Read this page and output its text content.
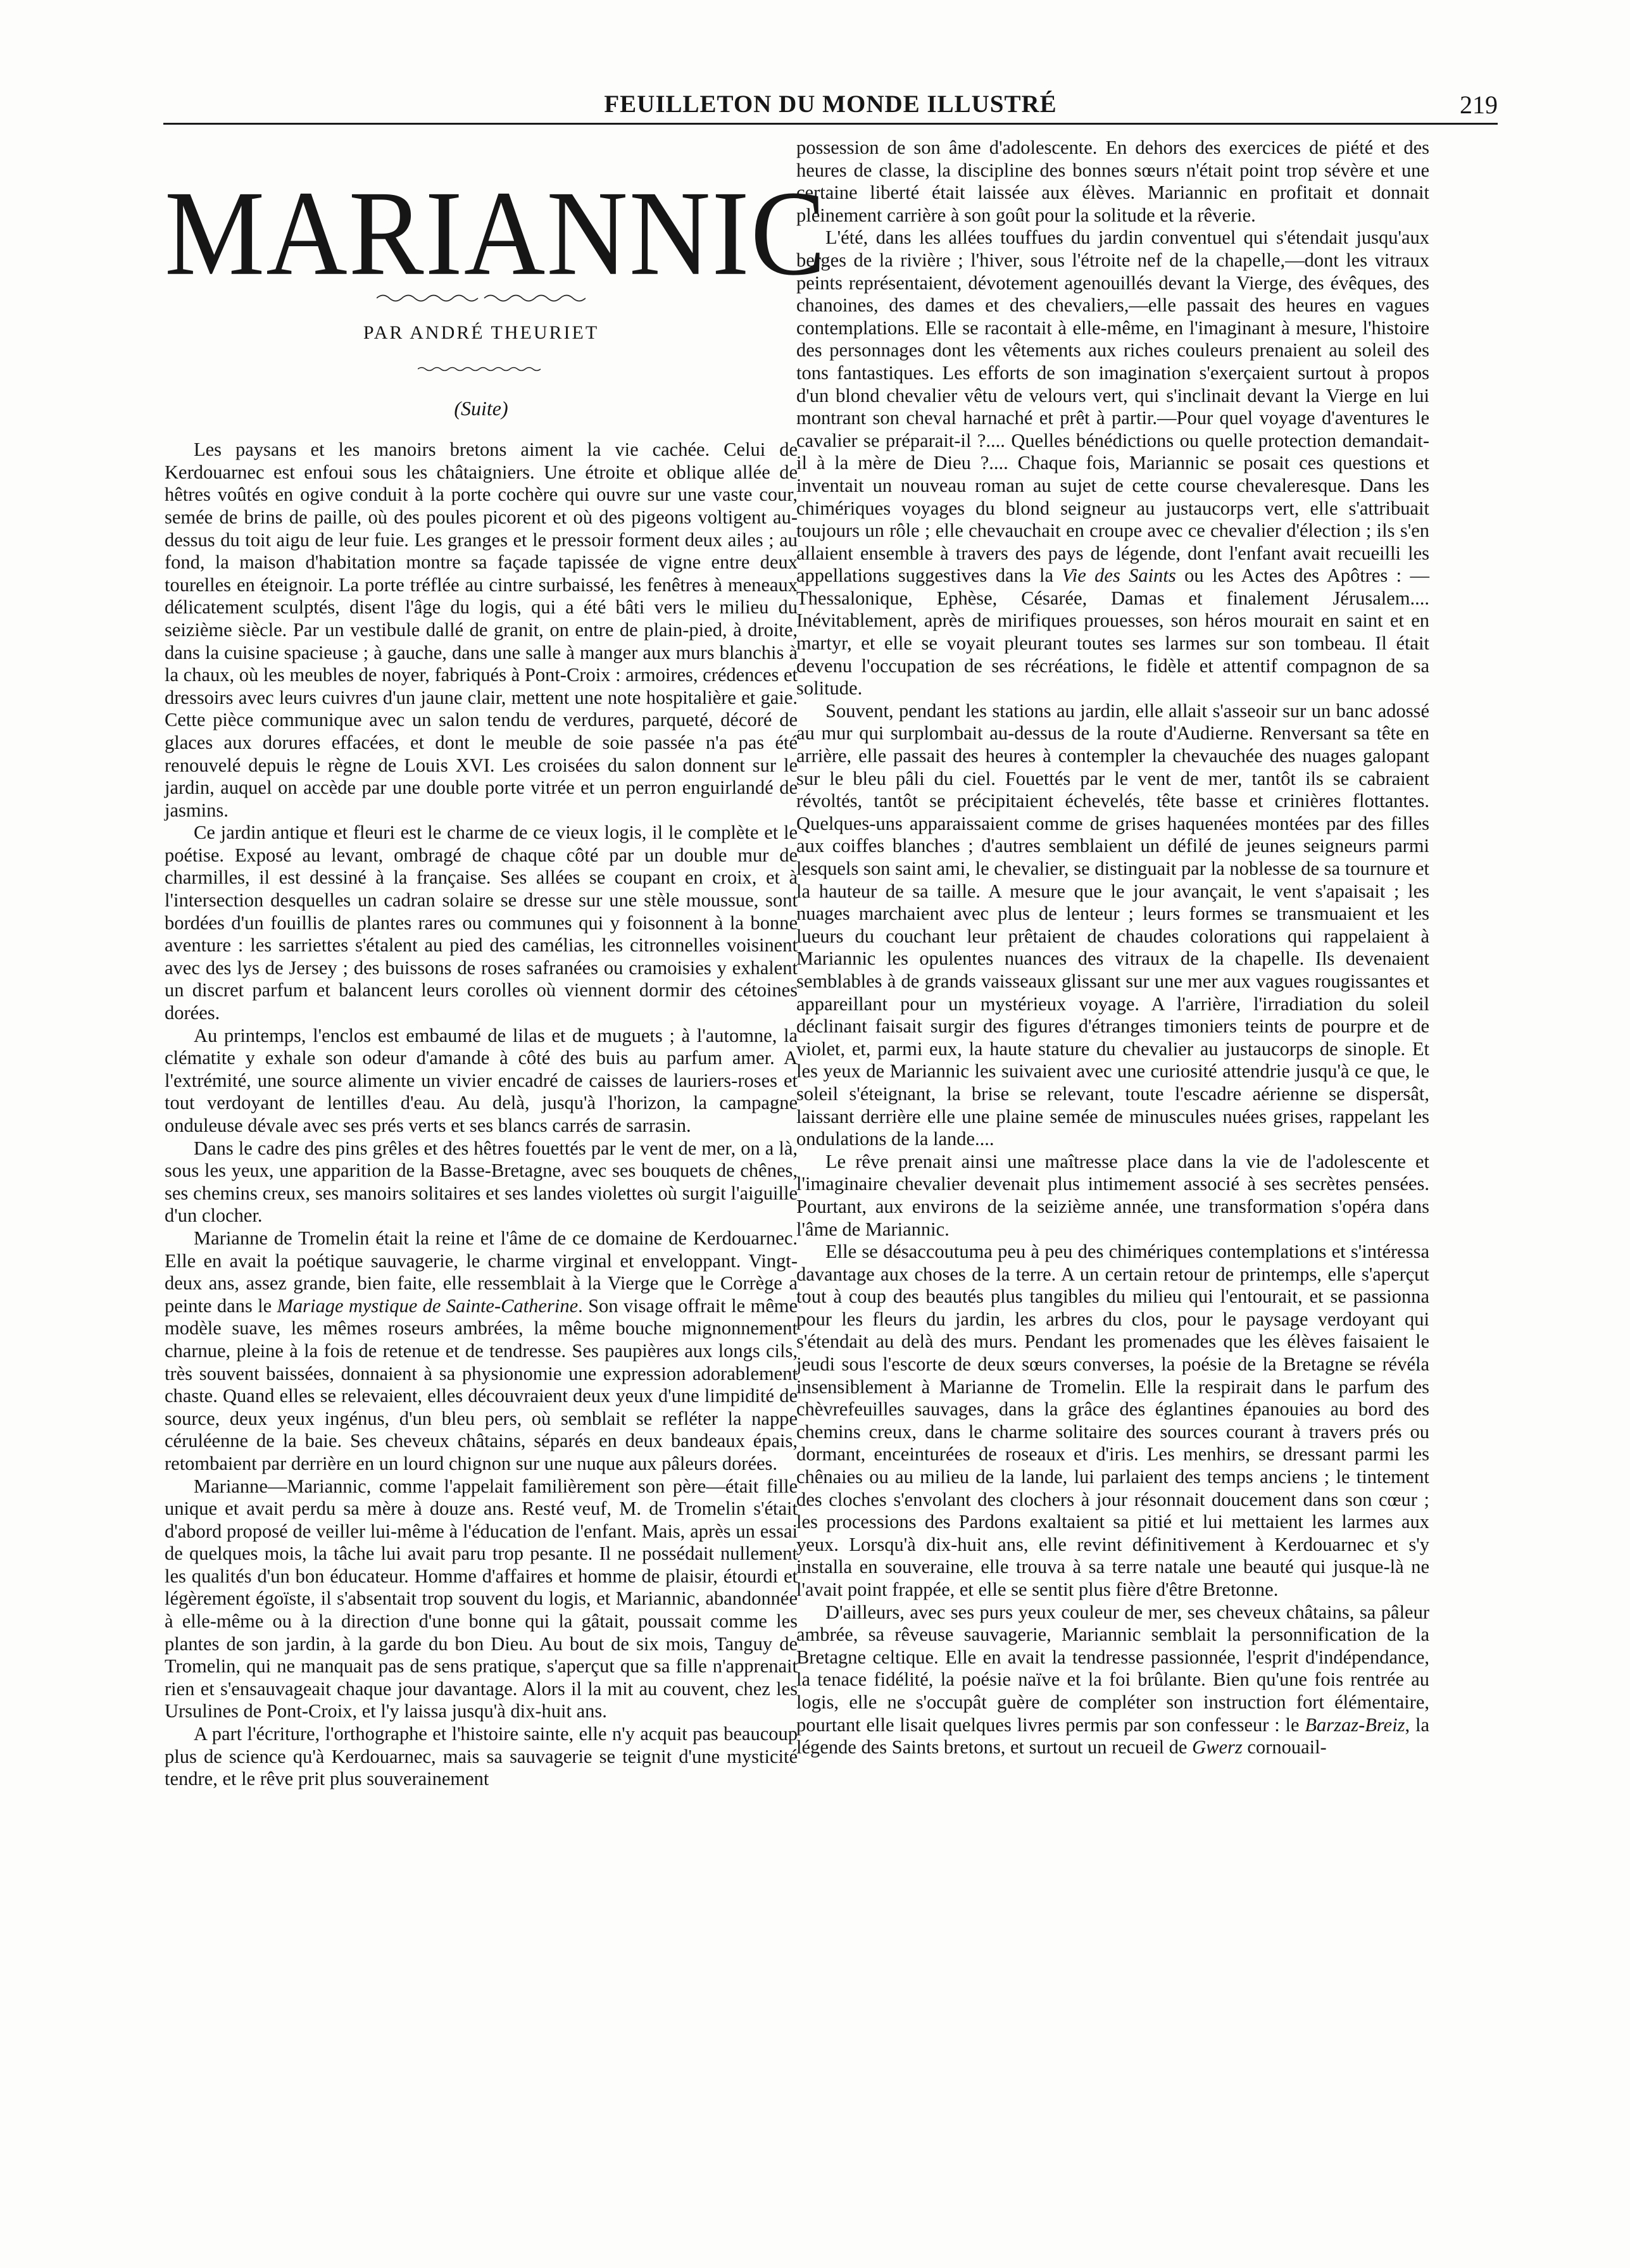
FEUILLETON DU MONDE ILLUSTRÉ	219
MARIANNIC
PAR ANDRÉ THEURIET
(Suite)

Les paysans et les manoirs bretons aiment la vie cachée. Celui de Kerdouarnec est enfoui sous les châtaigniers. Une étroite et oblique allée de hêtres voûtés en ogive conduit à la porte cochère qui ouvre sur une vaste cour, semée de brins de paille, où des poules picorent et où des pigeons voltigent au-dessus du toit aigu de leur fuie. Les granges et le pressoir forment deux ailes ; au fond, la maison d'habitation montre sa façade tapissée de vigne entre deux tourelles en éteignoir. La porte tréflée au cintre surbaissé, les fenêtres à meneaux délicatement sculptés, disent l'âge du logis, qui a été bâti vers le milieu du seizième siècle. Par un vestibule dallé de granit, on entre de plain-pied, à droite, dans la cuisine spacieuse ; à gauche, dans une salle à manger aux murs blanchis à la chaux, où les meubles de noyer, fabriqués à Pont-Croix : armoires, crédences et dressoirs avec leurs cuivres d'un jaune clair, mettent une note hospitalière et gaie. Cette pièce communique avec un salon tendu de verdures, parqueté, décoré de glaces aux dorures effacées, et dont le meuble de soie passée n'a pas été renouvelé depuis le règne de Louis XVI. Les croisées du salon donnent sur le jardin, auquel on accède par une double porte vitrée et un perron enguirlandé de jasmins.

Ce jardin antique et fleuri est le charme de ce vieux logis, il le complète et le poétise. Exposé au levant, ombragé de chaque côté par un double mur de charmilles, il est dessiné à la française. Ses allées se coupant en croix, et à l'intersection desquelles un cadran solaire se dresse sur une stèle moussue, sont bordées d'un fouillis de plantes rares ou communes qui y foisonnent à la bonne aventure : les sarriettes s'étalent au pied des camélias, les citronnelles voisinent avec des lys de Jersey ; des buissons de roses safranées ou cramoisies y exhalent un discret parfum et balancent leurs corolles où viennent dormir des cétoines dorées.

Au printemps, l'enclos est embaumé de lilas et de muguets ; à l'automne, la clématite y exhale son odeur d'amande à côté des buis au parfum amer. A l'extrémité, une source alimente un vivier encadré de caisses de lauriers-roses et tout verdoyant de lentilles d'eau. Au delà, jusqu'à l'horizon, la campagne onduleuse dévale avec ses prés verts et ses blancs carrés de sarrasin.

Dans le cadre des pins grêles et des hêtres fouettés par le vent de mer, on a là, sous les yeux, une apparition de la Basse-Bretagne, avec ses bouquets de chênes, ses chemins creux, ses manoirs solitaires et ses landes violettes où surgit l'aiguille d'un clocher.

Marianne de Tromelin était la reine et l'âme de ce domaine de Kerdouarnec. Elle en avait la poétique sauvagerie, le charme virginal et enveloppant. Vingt-deux ans, assez grande, bien faite, elle ressemblait à la Vierge que le Corrège a peinte dans le Mariage mystique de Sainte-Catherine. Son visage offrait le même modèle suave, les mêmes roseurs ambrées, la même bouche mignonnement charnue, pleine à la fois de retenue et de tendresse. Ses paupières aux longs cils, très souvent baissées, donnaient à sa physionomie une expression adorablement chaste. Quand elles se relevaient, elles découvraient deux yeux d'une limpidité de source, deux yeux ingénus, d'un bleu pers, où semblait se refléter la nappe céruléenne de la baie. Ses cheveux châtains, séparés en deux bandeaux épais, retombaient par derrière en un lourd chignon sur une nuque aux pâleurs dorées.

Marianne—Mariannic, comme l'appelait familièrement son père—était fille unique et avait perdu sa mère à douze ans. Resté veuf, M. de Tromelin s'était d'abord proposé de veiller lui-même à l'éducation de l'enfant. Mais, après un essai de quelques mois, la tâche lui avait paru trop pesante. Il ne possédait nullement les qualités d'un bon éducateur. Homme d'affaires et homme de plaisir, étourdi et légèrement égoïste, il s'absentait trop souvent du logis, et Mariannic, abandonnée à elle-même ou à la direction d'une bonne qui la gâtait, poussait comme les plantes de son jardin, à la garde du bon Dieu. Au bout de six mois, Tanguy de Tromelin, qui ne manquait pas de sens pratique, s'aperçut que sa fille n'apprenait rien et s'ensauvageait chaque jour davantage. Alors il la mit au couvent, chez les Ursulines de Pont-Croix, et l'y laissa jusqu'à dix-huit ans.

A part l'écriture, l'orthographe et l'histoire sainte, elle n'y acquit pas beaucoup plus de science qu'à Kerdouarnec, mais sa sauvagerie se teignit d'une mysticité tendre, et le rêve prit plus souverainement

possession de son âme d'adolescente. En dehors des exercices de piété et des heures de classe, la discipline des bonnes sœurs n'était point trop sévère et une certaine liberté était laissée aux élèves. Mariannic en profitait et donnait pleinement carrière à son goût pour la solitude et la rêverie.

L'été, dans les allées touffues du jardin conventuel qui s'étendait jusqu'aux berges de la rivière ; l'hiver, sous l'étroite nef de la chapelle,—dont les vitraux peints représentaient, dévotement agenouillés devant la Vierge, des évêques, des chanoines, des dames et des chevaliers,—elle passait des heures en vagues contemplations. Elle se racontait à elle-même, en l'imaginant à mesure, l'histoire des personnages dont les vêtements aux riches couleurs prenaient au soleil des tons fantastiques. Les efforts de son imagination s'exerçaient surtout à propos d'un blond chevalier vêtu de velours vert, qui s'inclinait devant la Vierge en lui montrant son cheval harnaché et prêt à partir.—Pour quel voyage d'aventures le cavalier se préparait-il ?.... Quelles bénédictions ou quelle protection demandait-il à la mère de Dieu ?.... Chaque fois, Mariannic se posait ces questions et inventait un nouveau roman au sujet de cette course chevaleresque. Dans les chimériques voyages du blond seigneur au justaucorps vert, elle s'attribuait toujours un rôle ; elle chevauchait en croupe avec ce chevalier d'élection ; ils s'en allaient ensemble à travers des pays de légende, dont l'enfant avait recueilli les appellations suggestives dans la Vie des Saints ou les Actes des Apôtres : — Thessalonique, Ephèse, Césarée, Damas et finalement Jérusalem.... Inévitablement, après de mirifiques prouesses, son héros mourait en saint et en martyr, et elle se voyait pleurant toutes ses larmes sur son tombeau. Il était devenu l'occupation de ses récréations, le fidèle et attentif compagnon de sa solitude.

Souvent, pendant les stations au jardin, elle allait s'asseoir sur un banc adossé au mur qui surplombait au-dessus de la route d'Audierne. Renversant sa tête en arrière, elle passait des heures à contempler la chevauchée des nuages galopant sur le bleu pâli du ciel. Fouettés par le vent de mer, tantôt ils se cabraient révoltés, tantôt se précipitaient échevelés, tête basse et crinières flottantes. Quelques-uns apparaissaient comme de grises haquenées montées par des filles aux coiffes blanches ; d'autres semblaient un défilé de jeunes seigneurs parmi lesquels son saint ami, le chevalier, se distinguait par la noblesse de sa tournure et la hauteur de sa taille. A mesure que le jour avançait, le vent s'apaisait ; les nuages marchaient avec plus de lenteur ; leurs formes se transmuaient et les lueurs du couchant leur prêtaient de chaudes colorations qui rappelaient à Mariannic les opulentes nuances des vitraux de la chapelle. Ils devenaient semblables à de grands vaisseaux glissant sur une mer aux vagues rougissantes et appareillant pour un mystérieux voyage. A l'arrière, l'irradiation du soleil déclinant faisait surgir des figures d'étranges timoniers teints de pourpre et de violet, et, parmi eux, la haute stature du chevalier au justaucorps de sinople. Et les yeux de Mariannic les suivaient avec une curiosité attendrie jusqu'à ce que, le soleil s'éteignant, la brise se relevant, toute l'escadre aérienne se dispersât, laissant derrière elle une plaine semée de minuscules nuées grises, rappelant les ondulations de la lande....

Le rêve prenait ainsi une maîtresse place dans la vie de l'adolescente et l'imaginaire chevalier devenait plus intimement associé à ses secrètes pensées. Pourtant, aux environs de la seizième année, une transformation s'opéra dans l'âme de Mariannic.

Elle se désaccoutuma peu à peu des chimériques contemplations et s'intéressa davantage aux choses de la terre. A un certain retour de printemps, elle s'aperçut tout à coup des beautés plus tangibles du milieu qui l'entourait, et se passionna pour les fleurs du jardin, les arbres du clos, pour le paysage verdoyant qui s'étendait au delà des murs. Pendant les promenades que les élèves faisaient le jeudi sous l'escorte de deux sœurs converses, la poésie de la Bretagne se révéla insensiblement à Marianne de Tromelin. Elle la respirait dans le parfum des chèvrefeuilles sauvages, dans la grâce des églantines épanouies au bord des chemins creux, dans le charme solitaire des sources courant à travers prés ou dormant, enceinturées de roseaux et d'iris. Les menhirs, se dressant parmi les chênaies ou au milieu de la lande, lui parlaient des temps anciens ; le tintement des cloches s'envolant des clochers à jour résonnait doucement dans son cœur ; les processions des Pardons exaltaient sa pitié et lui mettaient les larmes aux yeux. Lorsqu'à dix-huit ans, elle revint définitivement à Kerdouarnec et s'y installa en souveraine, elle trouva à sa terre natale une beauté qui jusque-là ne l'avait point frappée, et elle se sentit plus fière d'être Bretonne.

D'ailleurs, avec ses purs yeux couleur de mer, ses cheveux châtains, sa pâleur ambrée, sa rêveuse sauvagerie, Mariannic semblait la personnification de la Bretagne celtique. Elle en avait la tendresse passionnée, l'esprit d'indépendance, la tenace fidélité, la poésie naïve et la foi brûlante. Bien qu'une fois rentrée au logis, elle ne s'occupât guère de compléter son instruction fort élémentaire, pourtant elle lisait quelques livres permis par son confesseur : le Barzaz-Breiz, la légende des Saints bretons, et surtout un recueil de Gwerz cornouail-
